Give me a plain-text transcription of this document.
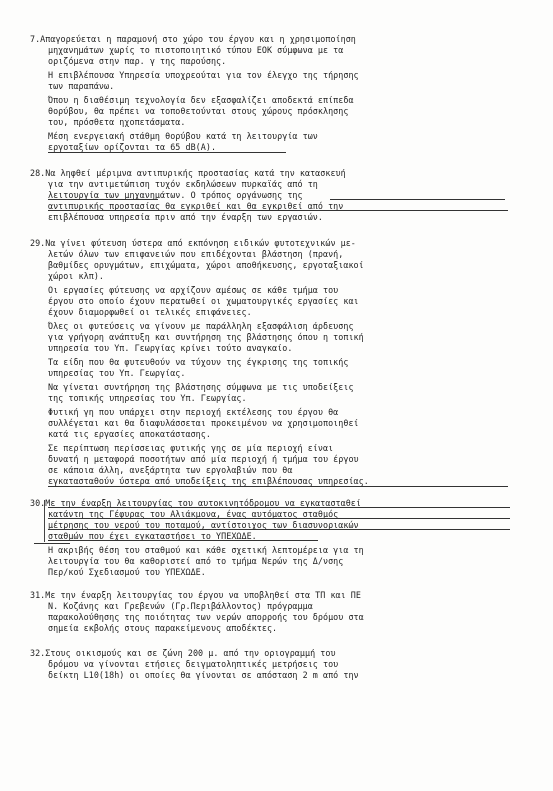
7.Απαγορεύεται η παραμονή στο χώρο του έργου και η χρησιμοποίηση
μηχανημάτων χωρίς το πιστοποιητικό τύπου ΕΟΚ σύμφωνα με τα
οριζόμενα στην παρ. γ της παρούσης.
Η επιβλέπουσα Υπηρεσία υποχρεούται για τον έλεγχο της τήρησης
των παραπάνω.
Όπου η διαθέσιμη τεχνολογία δεν εξασφαλίζει αποδεκτά επίπεδα
θορύβου, θα πρέπει να τοποθετούνται στους χώρους πρόσκλησης
του, πρόσθετα ηχοπετάσματα.
Μέση ενεργειακή στάθμη θορύβου κατά τη λειτουργία των
εργοταξίων ορίζονται τα 65 dB(A).
28.Να ληφθεί μέριμνα αντιπυρικής προστασίας κατά την κατασκευή
για την αντιμετώπιση τυχόν εκδηλώσεων πυρκαϊάς από τη
λειτουργία των μηχανημάτων. Ο τρόπος οργάνωσης της
αντιπυρικής προστασίας θα εγκριθεί και θα εγκριθεί από την
επιβλέπουσα υπηρεσία πριν από την έναρξη των εργασιών.
29.Να γίνει φύτευση ύστερα από εκπόνηση ειδικών φυτοτεχνικών με-
λετών όλων των επιφανειών που επιδέχονται βλάστηση (πρανή,
βαθμίδες ορυγμάτων, επιχώματα, χώροι αποθήκευσης, εργοταξιακοί
χώροι κλπ).
Οι εργασίες φύτευσης να αρχίζουν αμέσως σε κάθε τμήμα του
έργου στο οποίο έχουν περατωθεί οι χωματουργικές εργασίες και
έχουν διαμορφωθεί οι τελικές επιφάνειες.
Όλες οι φυτεύσεις να γίνουν με παράλληλη εξασφάλιση άρδευσης
για γρήγορη ανάπτυξη και συντήρηση της βλάστησης όπου η τοπική
υπηρεσία του Υπ. Γεωργίας κρίνει τούτο αναγκαίο.
Τα είδη που θα φυτευθούν να τύχουν της έγκρισης της τοπικής
υπηρεσίας του Υπ. Γεωργίας.
Να γίνεται συντήρηση της βλάστησης σύμφωνα με τις υποδείξεις
της τοπικής υπηρεσίας του Υπ. Γεωργίας.
Φυτική γη που υπάρχει στην περιοχή εκτέλεσης του έργου θα
συλλέγεται και θα διαφυλάσσεται προκειμένου να χρησιμοποιηθεί
κατά τις εργασίες αποκατάστασης.
Σε περίπτωση περίσσειας φυτικής γης σε μία περιοχή είναι
δυνατή η μεταφορά ποσοτήτων από μία περιοχή ή τμήμα του έργου
σε κάποια άλλη, ανεξάρτητα των εργολαβιών που θα
εγκατασταθούν ύστερα από υποδείξεις της επιβλέπουσας υπηρεσίας.
30.Με την έναρξη λειτουργίας του αυτοκινητόδρομου να εγκατασταθεί
κατάντη της Γέφυρας του Αλιάκμονα, ένας αυτόματος σταθμός
μέτρησης του νερού του ποταμού, αντίστοιχος των διασυνοριακών
σταθμών που έχει εγκαταστήσει το ΥΠΕΧΩΔΕ.
Η ακριβής θέση του σταθμού και κάθε σχετική λεπτομέρεια για τη
λειτουργία του θα καθοριστεί από το τμήμα Νερών της Δ/νσης
Περ/κού Σχεδιασμού του ΥΠΕΧΩΔΕ.
31.Με την έναρξη λειτουργίας του έργου να υποβληθεί στα ΤΠ και ΠΕ
Ν. Κοζάνης και Γρεβενών (Γρ.Περιβάλλοντος) πρόγραμμα
παρακολούθησης της ποιότητας των νερών απορροής του δρόμου στα
σημεία εκβολής στους παρακείμενους αποδέκτες.
32.Στους οικισμούς και σε ζώνη 200 μ. από την οριογραμμή του
δρόμου να γίνονται ετήσιες δειγματοληπτικές μετρήσεις του
δείκτη L10(18h) οι οποίες θα γίνονται σε απόσταση 2 m από την
